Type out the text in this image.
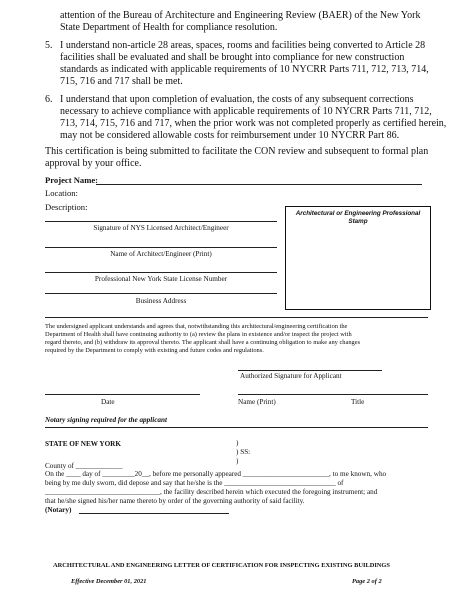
attention of the Bureau of Architecture and Engineering Review (BAER) of the New York
State Department of Health for compliance resolution.
5. I understand non-article 28 areas, spaces, rooms and facilities being converted to Article 28
facilities shall be evaluated and shall be brought into compliance for new construction
standards as indicated with applicable requirements of 10 NYCRR Parts 711, 712, 713, 714,
715, 716 and 717 shall be met.
6. I understand that upon completion of evaluation, the costs of any subsequent corrections
necessary to achieve compliance with applicable requirements of 10 NYCRR Parts 711, 712,
713, 714, 715, 716 and 717, when the prior work was not completed properly as certified herein,
may not be considered allowable costs for reimbursement under 10 NYCRR Part 86.
This certification is being submitted to facilitate the CON review and subsequent to formal plan
approval by your office.
Project Name:
Location:
Description:
Signature of NYS Licensed Architect/Engineer
Name of Architect/Engineer (Print)
Professional New York State License Number
Business Address
Architectural or Engineering Professional
Stamp
The undersigned applicant understands and agrees that, notwithstanding this architectural/engineering certification the
Department of Health shall have continuing authority to (a) review the plans in existence and/or inspect the project with
regard thereto, and (b) withdraw its approval thereto. The applicant shall have a continuing obligation to make any changes
required by the Department to comply with existing and future codes and regulations.
Authorized Signature for Applicant
Date	Name (Print)	Title
Notary signing required for the applicant
STATE OF NEW YORK	)
) SS:
)
County of _____________
On the ____ day of _________20__, before me personally appeared ________________________, to me known, who
being by me duly sworn, did depose and say that he/she is the _______________________________ of
________________________________, the facility described herein which executed the foregoing instrument; and
that he/she signed his/her name thereto by order of the governing authority of said facility.
(Notary)
ARCHITECTURAL AND ENGINEERING LETTER OF CERTIFICATION FOR INSPECTING EXISTING BUILDINGS
Effective December 01, 2021	Page 2 of 2
